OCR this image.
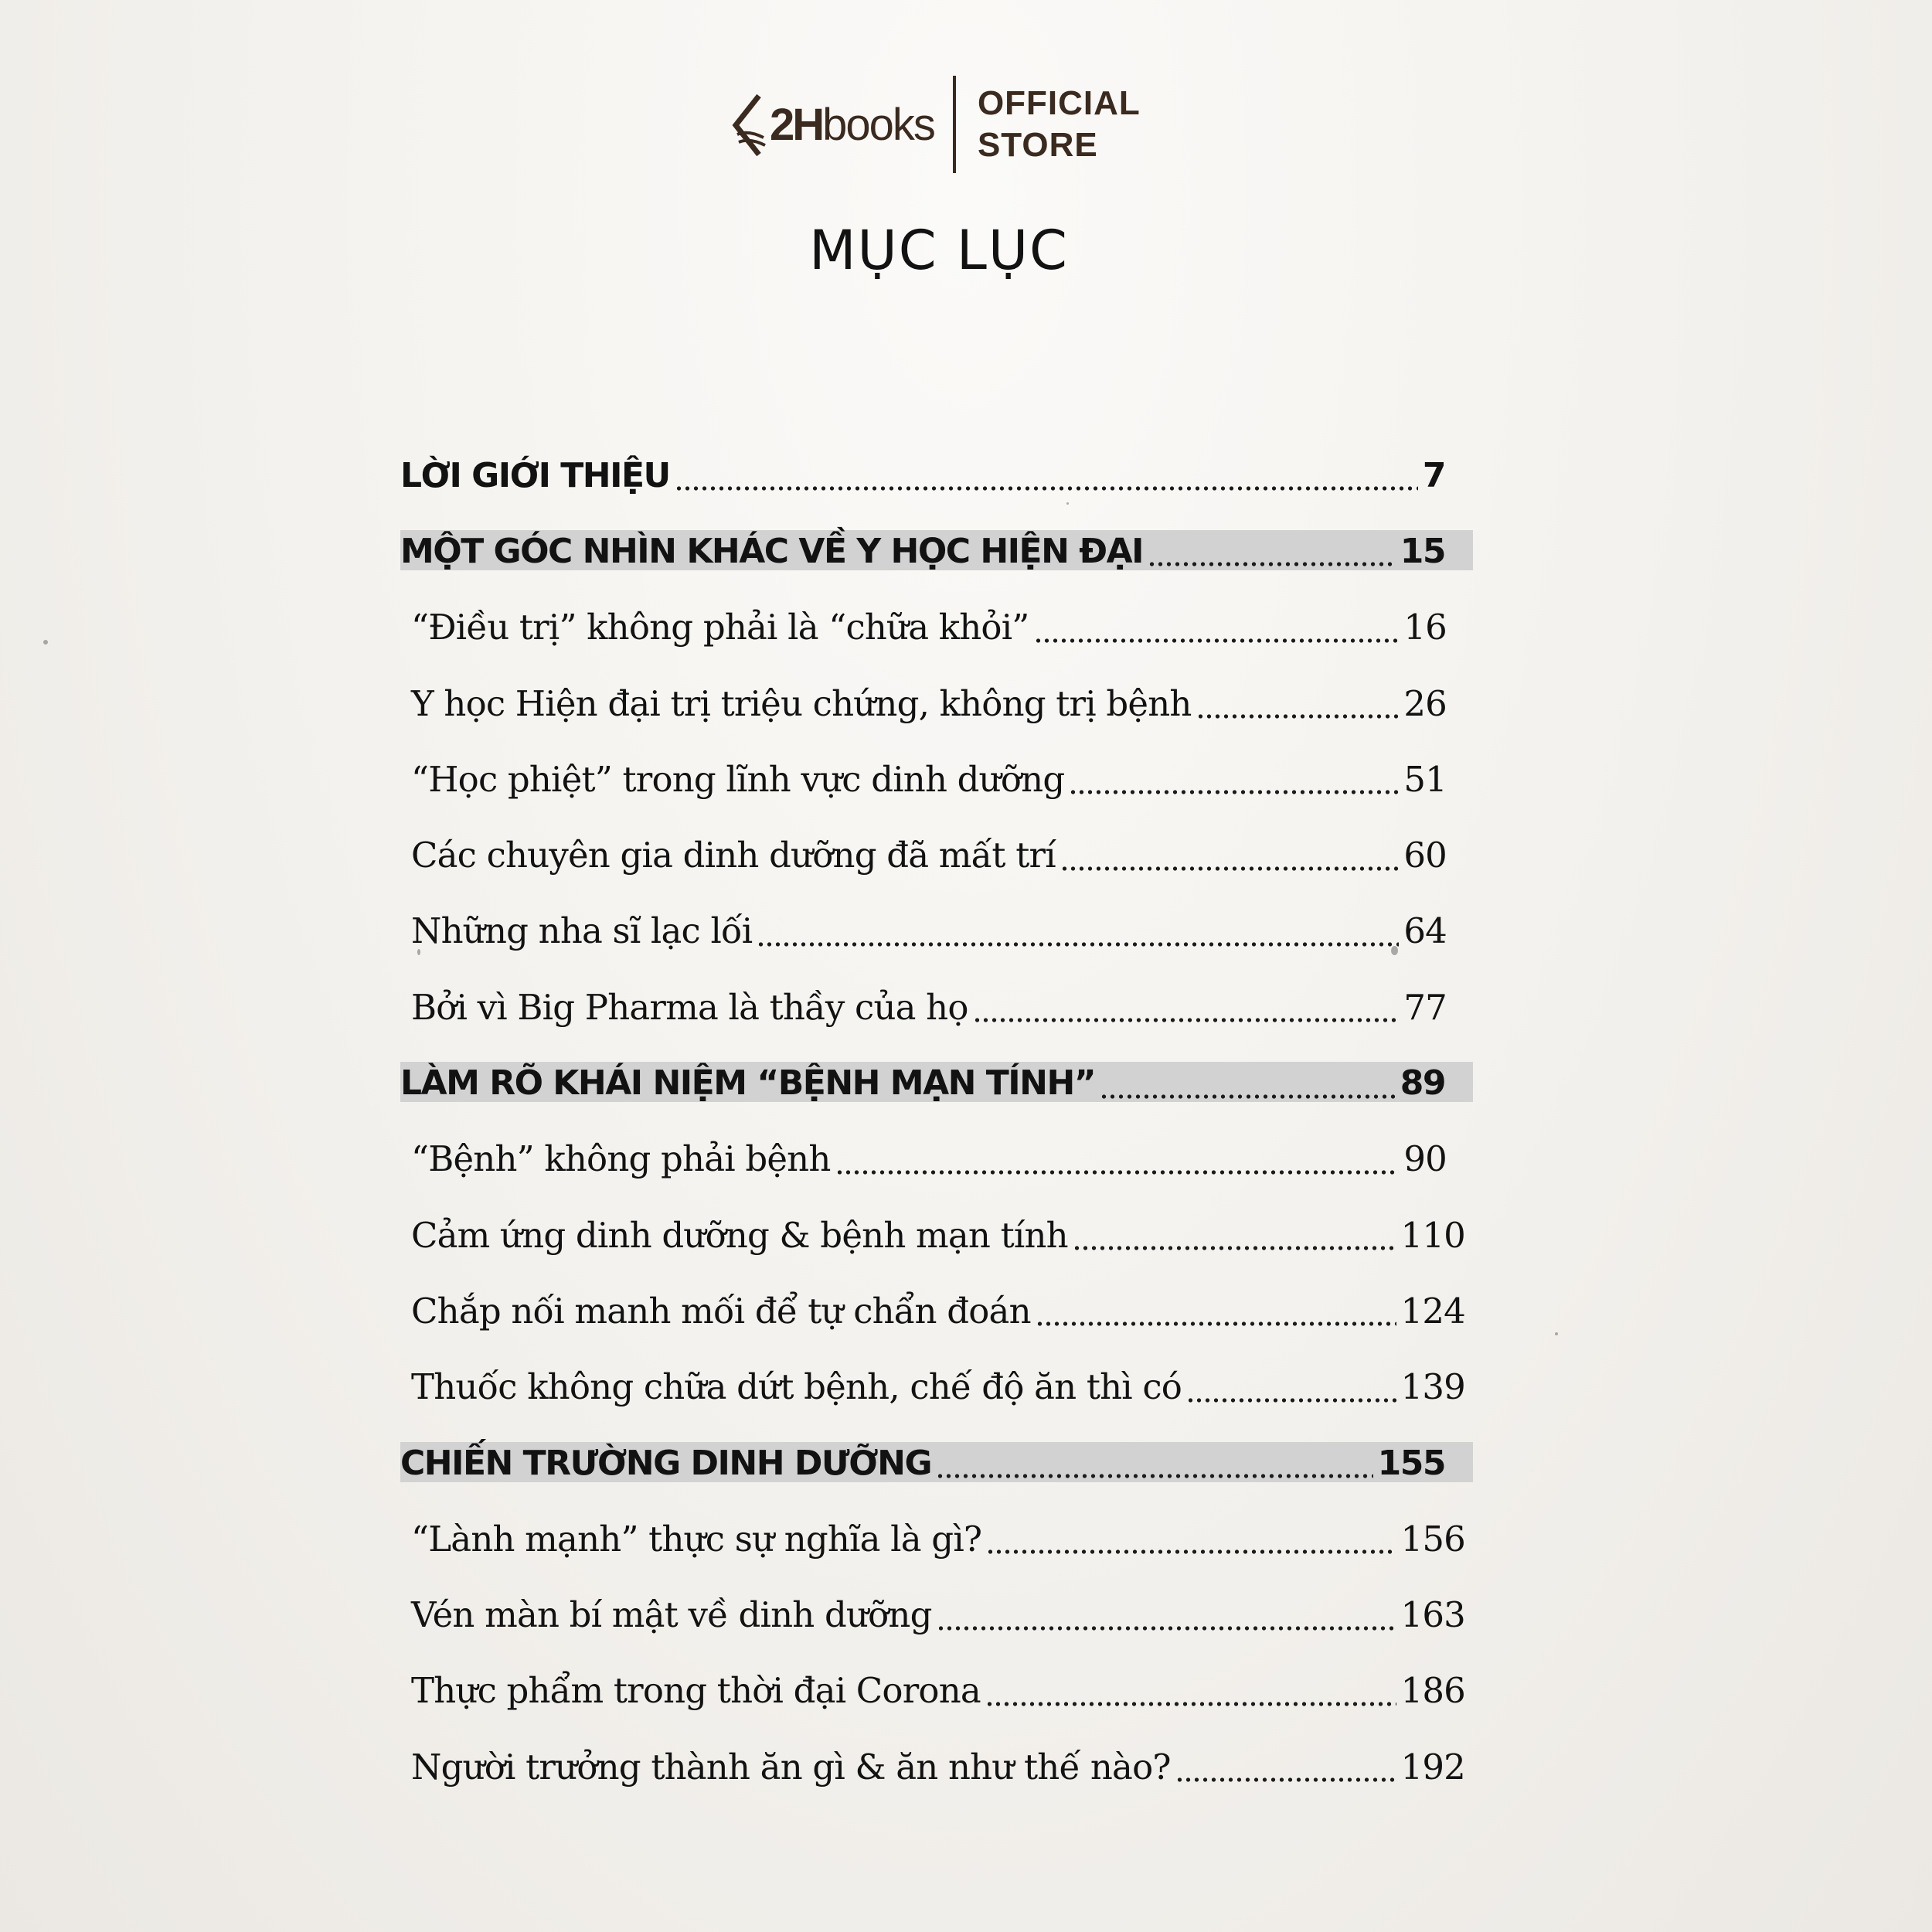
2H books OFFICIAL
STORE
MỤC LỤC
LỜI GIỚI THIỆU	7
MỘT GÓC NHÌN KHÁC VỀ Y HỌC HIỆN ĐẠI	15
“Điều trị” không phải là “chữa khỏi”	16
Y học Hiện đại trị triệu chứng, không trị bệnh	26
“Học phiệt” trong lĩnh vực dinh dưỡng	51
Các chuyên gia dinh dưỡng đã mất trí	60
Những nha sĩ lạc lối	64
Bởi vì Big Pharma là thầy của họ	77
LÀM RÕ KHÁI NIỆM “BỆNH MẠN TÍNH”	89
“Bệnh” không phải bệnh	90
Cảm ứng dinh dưỡng & bệnh mạn tính	110
Chắp nối manh mối để tự chẩn đoán	124
Thuốc không chữa dứt bệnh, chế độ ăn thì có	139
CHIẾN TRƯỜNG DINH DƯỠNG	155
“Lành mạnh” thực sự nghĩa là gì?	156
Vén màn bí mật về dinh dưỡng	163
Thực phẩm trong thời đại Corona	186
Người trưởng thành ăn gì & ăn như thế nào?	192
